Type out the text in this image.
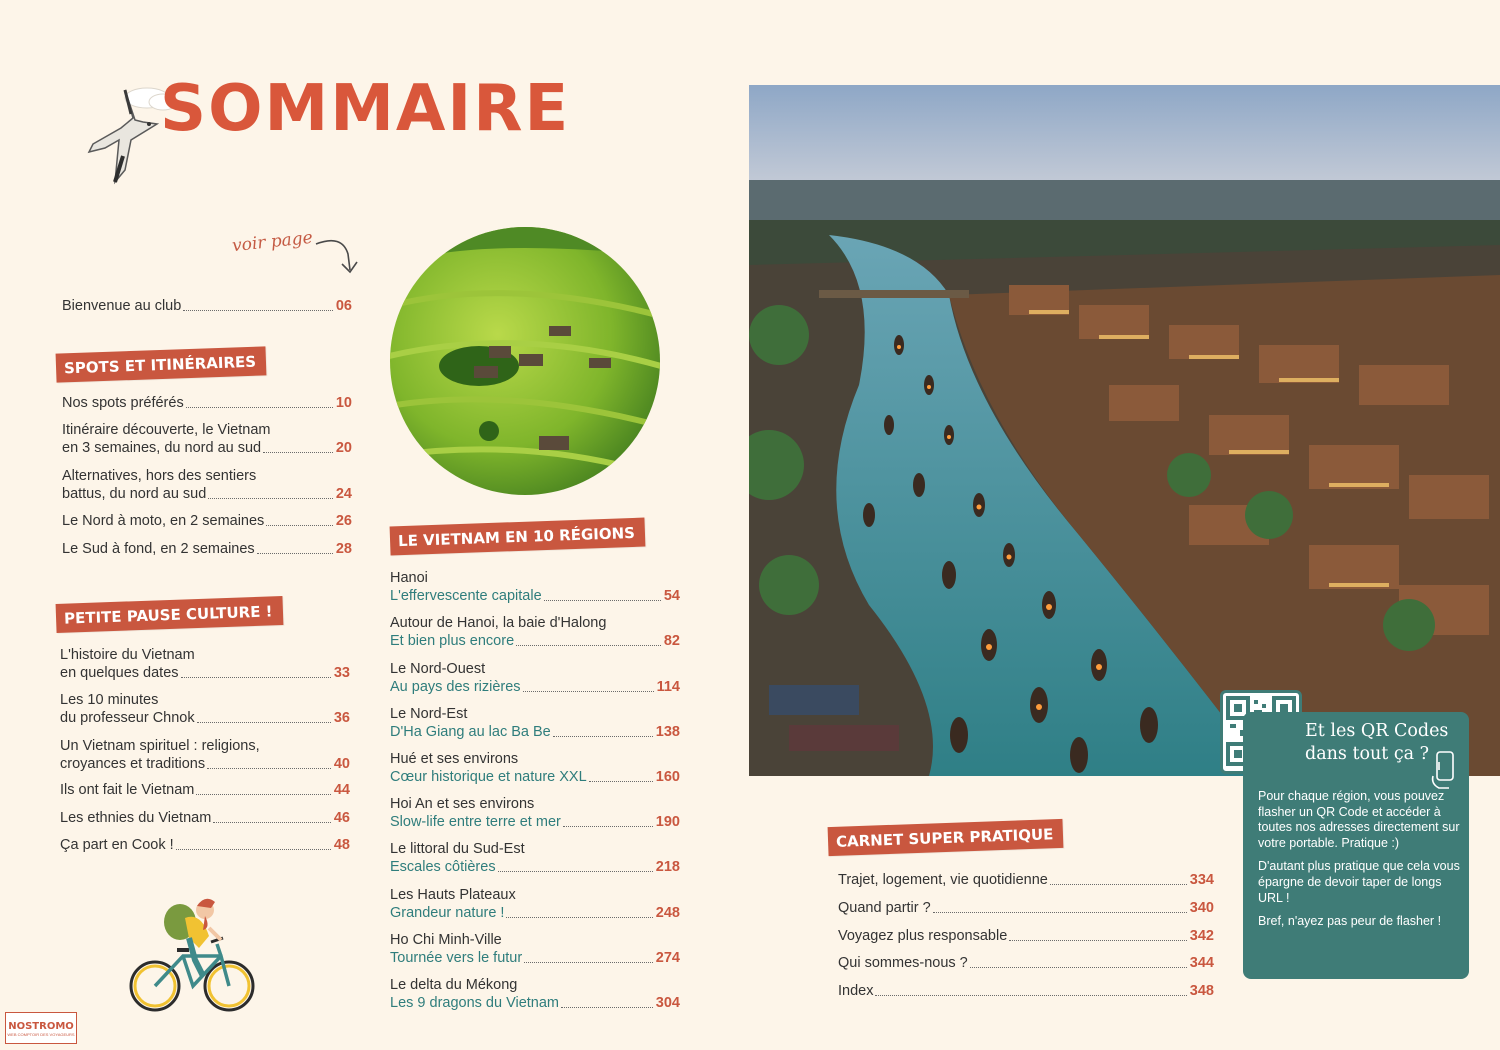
SOMMAIRE
voir page
Bienvenue au club	06
SPOTS ET ITINÉRAIRES
Nos spots préférés	10
Itinéraire découverte, le Vietnam
en 3 semaines, du nord au sud	20
Alternatives, hors des sentiers
battus, du nord au sud	24
Le Nord à moto, en 2 semaines	26
Le Sud à fond, en 2 semaines	28
PETITE PAUSE CULTURE !
L'histoire du Vietnam
en quelques dates	33
Les 10 minutes
du professeur Chnok	36
Un Vietnam spirituel : religions,
croyances et traditions	40
Ils ont fait le Vietnam	44
Les ethnies du Vietnam	46
Ça part en Cook !	48
LE VIETNAM EN 10 RÉGIONS
Hanoi
L'effervescente capitale	54
Autour de Hanoi, la baie d'Halong
Et bien plus encore	82
Le Nord-Ouest
Au pays des rizières	114
Le Nord-Est
D'Ha Giang au lac Ba Be	138
Hué et ses environs
Cœur historique et nature XXL	160
Hoi An et ses environs
Slow-life entre terre et mer	190
Le littoral du Sud-Est
Escales côtières	218
Les Hauts Plateaux
Grandeur nature !	248
Ho Chi Minh-Ville
Tournée vers le futur	274
Le delta du Mékong
Les 9 dragons du Vietnam	304
Et les QR Codes
dans tout ça ?

Pour chaque région, vous pouvez flasher un QR Code et accéder à toutes nos adresses directement sur votre portable. Pratique :)

D'autant plus pratique que cela vous épargne de devoir taper de longs URL !

Bref, n'ayez pas peur de flasher !

CARNET SUPER PRATIQUE
Trajet, logement, vie quotidienne	334
Quand partir ?	340
Voyagez plus responsable	342
Qui sommes-nous ?	344
Index	348
NOSTROMO
WEB COMPTOIR DES VOYAGEURS
